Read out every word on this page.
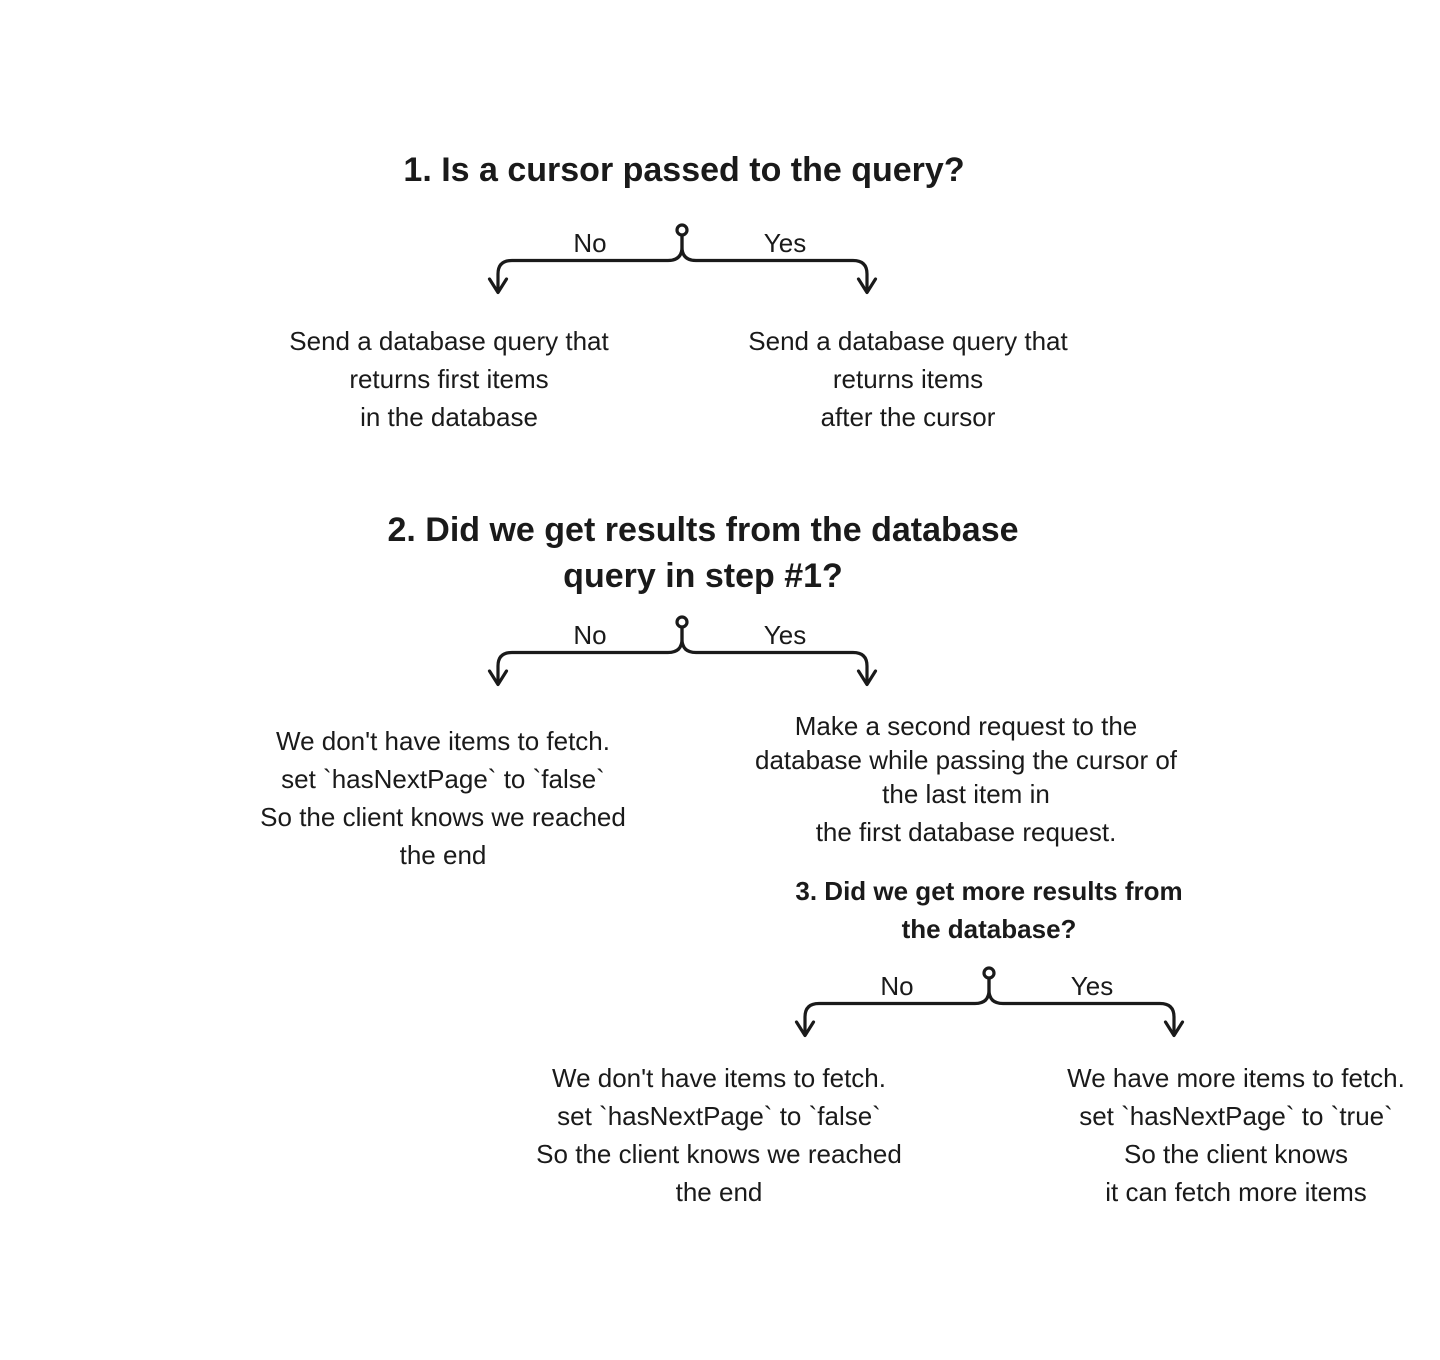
1. Is a cursor passed to the query?
No	Yes
Send a database query that
returns first items
in the database
Send a database query that
returns items
after the cursor
2. Did we get results from the database
query in step #1?
No	Yes
We don't have items to fetch.
set `hasNextPage` to `false`
So the client knows we reached
the end
Make a second request to the
database while passing the cursor of
the last item in
the first database request.
3. Did we get more results from
the database?
No	Yes
We don't have items to fetch.
set `hasNextPage` to `false`
So the client knows we reached
the end
We have more items to fetch.
set `hasNextPage` to `true`
So the client knows
it can fetch more items
